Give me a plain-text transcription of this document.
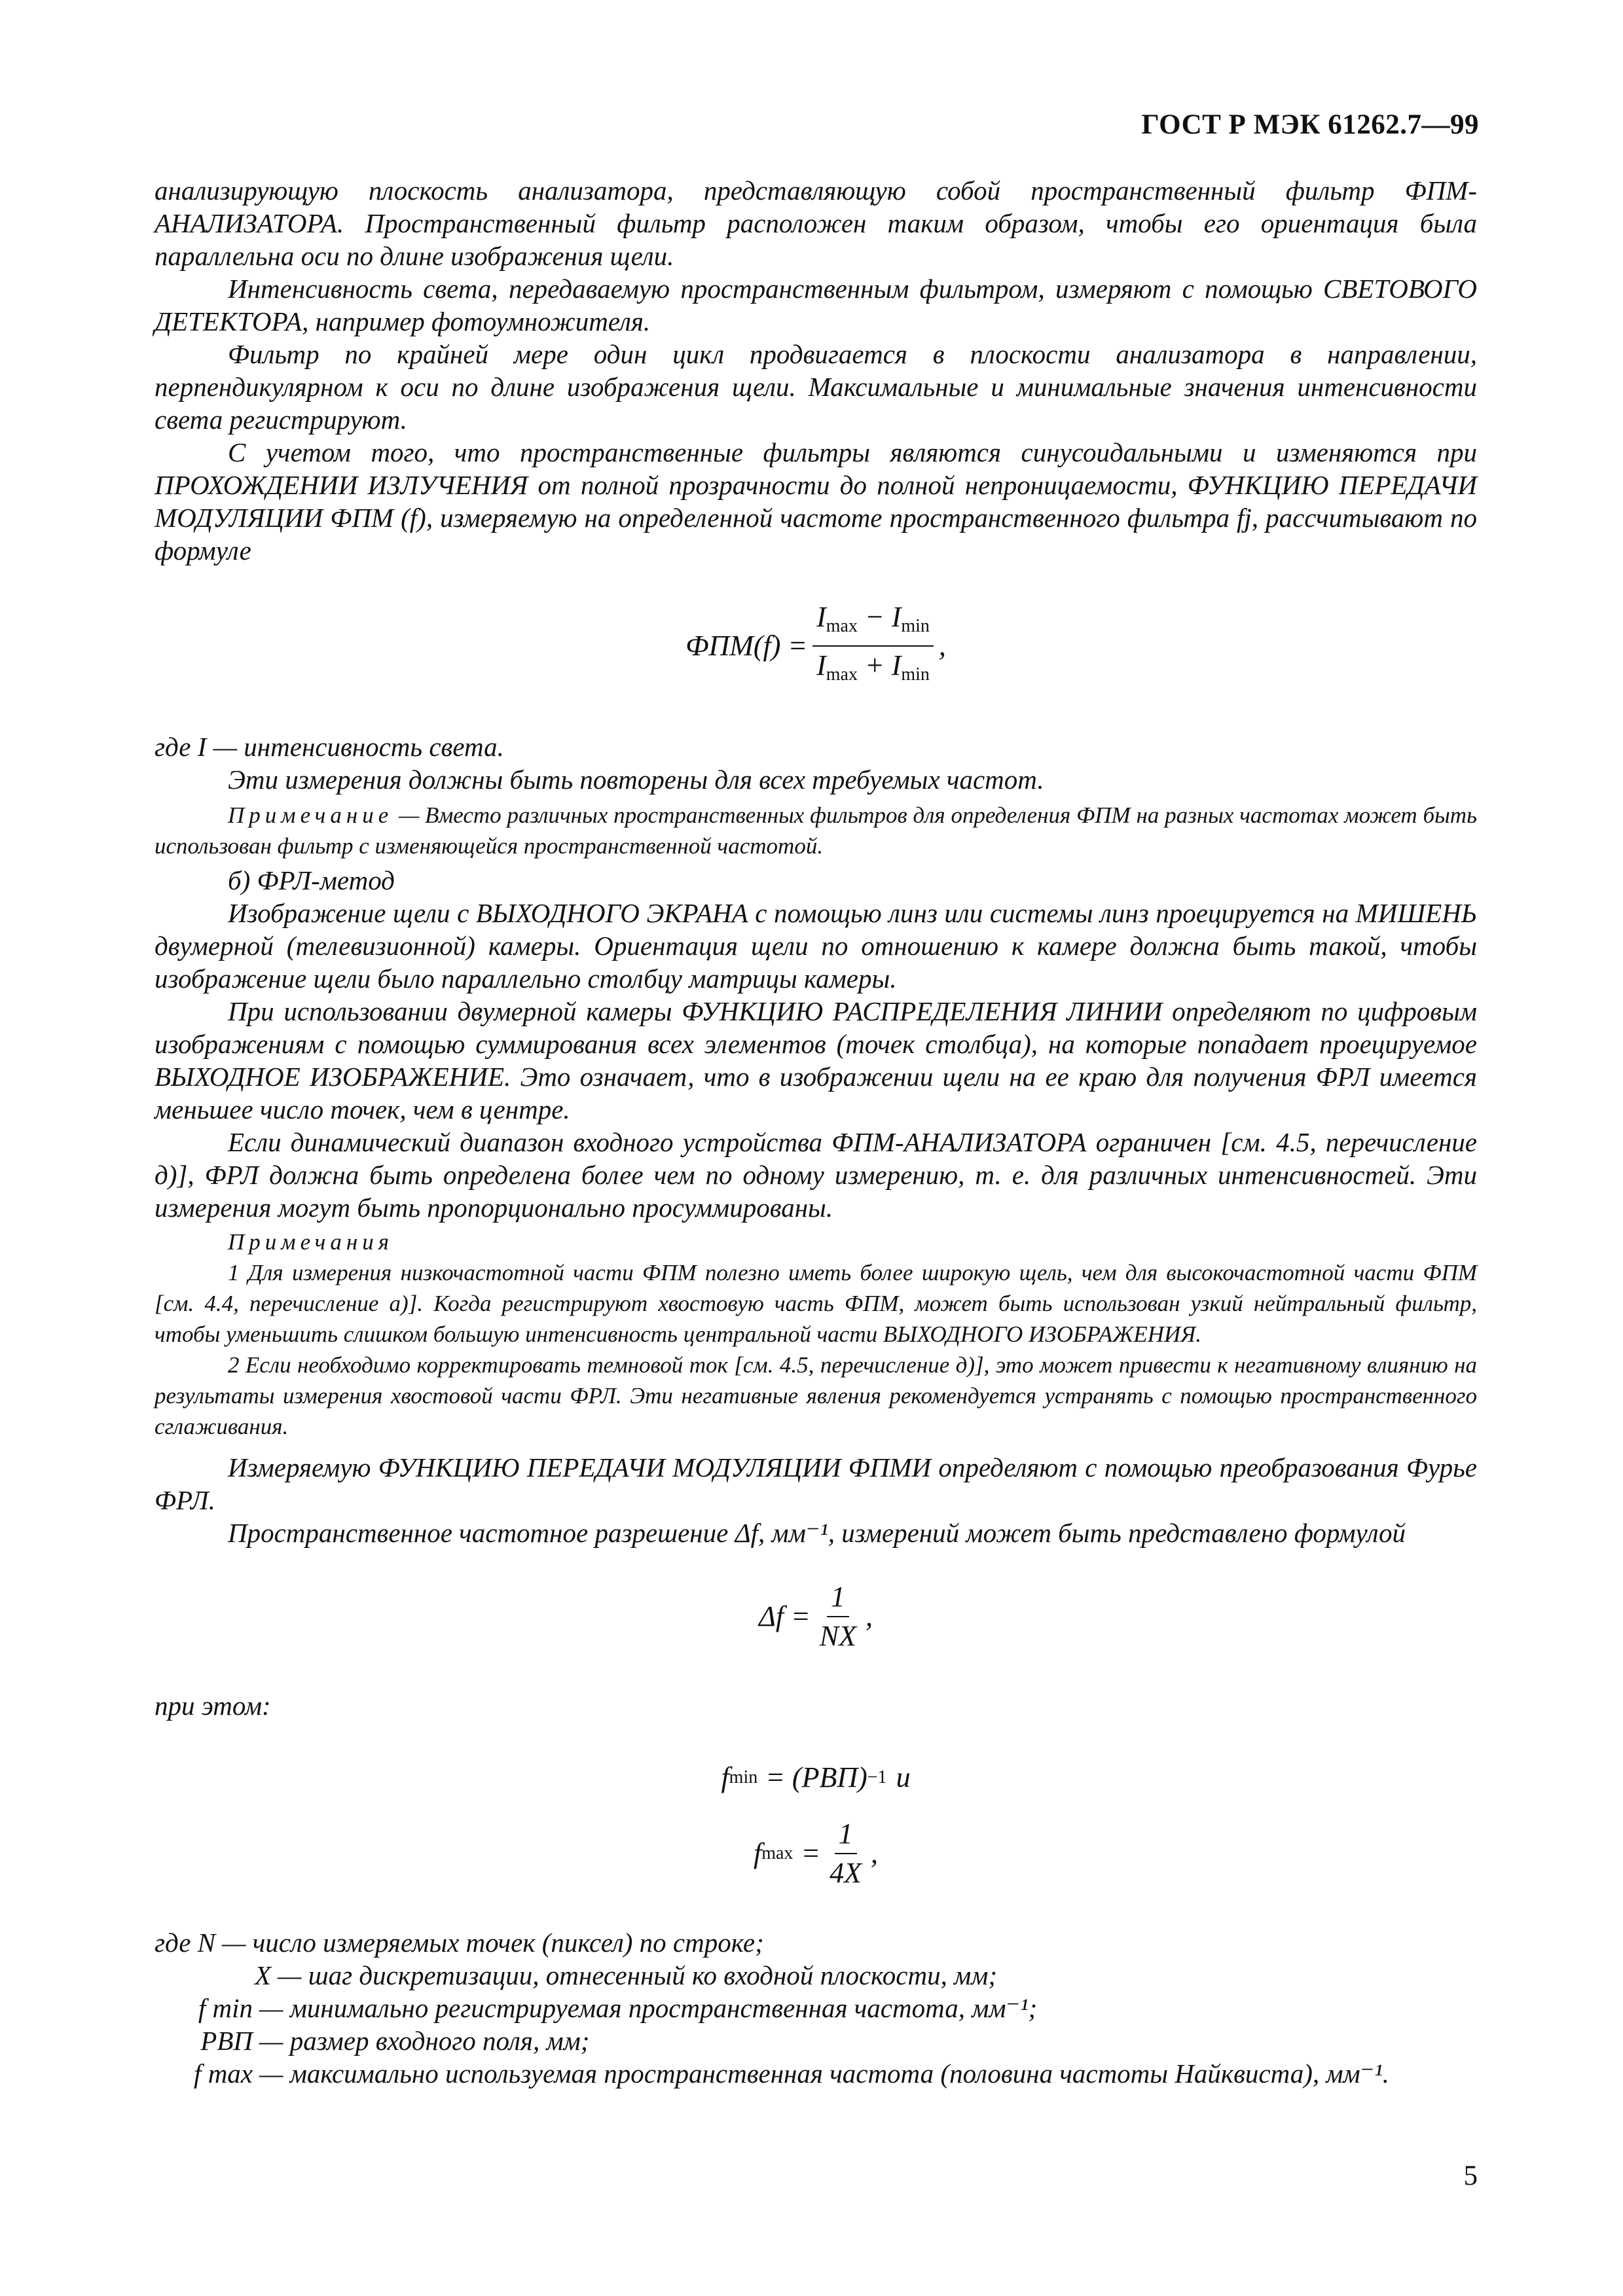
ГОСТ Р МЭК 61262.7—99

анализирующую плоскость анализатора, представляющую собой пространственный фильтр ФПМ-АНАЛИЗАТОРА. Пространственный фильтр расположен таким образом, чтобы его ориентация была параллельна оси по длине изображения щели.

Интенсивность света, передаваемую пространственным фильтром, измеряют с помощью СВЕТОВОГО ДЕТЕКТОРА, например фотоумножителя.

Фильтр по крайней мере один цикл продвигается в плоскости анализатора в направлении, перпендикулярном к оси по длине изображения щели. Максимальные и минимальные значения интенсивности света регистрируют.

С учетом того, что пространственные фильтры являются синусоидальными и изменяются при ПРОХОЖДЕНИИ ИЗЛУЧЕНИЯ от полной прозрачности до полной непроницаемости, ФУНКЦИЮ ПЕРЕДАЧИ МОДУЛЯЦИИ ФПМ (f), измеряемую на определенной частоте пространственного фильтра fj, рассчитывают по формуле

$ФПМ(f) = \frac{I_{max} - I_{min}}{I_{max} + I_{min}}$ ,

где I — интенсивность света.

Эти измерения должны быть повторены для всех требуемых частот.

Примечание — Вместо различных пространственных фильтров для определения ФПМ на разных частотах может быть использован фильтр с изменяющейся пространственной частотой.

б) ФРЛ-метод

Изображение щели с ВЫХОДНОГО ЭКРАНА с помощью линз или системы линз проецируется на МИШЕНЬ двумерной (телевизионной) камеры. Ориентация щели по отношению к камере должна быть такой, чтобы изображение щели было параллельно столбцу матрицы камеры.

При использовании двумерной камеры ФУНКЦИЮ РАСПРЕДЕЛЕНИЯ ЛИНИИ определяют по цифровым изображениям с помощью суммирования всех элементов (точек столбца), на которые попадает проецируемое ВЫХОДНОЕ ИЗОБРАЖЕНИЕ. Это означает, что в изображении щели на ее краю для получения ФРЛ имеется меньшее число точек, чем в центре.

Если динамический диапазон входного устройства ФПМ-АНАЛИЗАТОРА ограничен [см. 4.5, перечисление д)], ФРЛ должна быть определена более чем по одному измерению, т. е. для различных интенсивностей. Эти измерения могут быть пропорционально просуммированы.

Примечания

1 Для измерения низкочастотной части ФПМ полезно иметь более широкую щель, чем для высокочастотной части ФПМ [см. 4.4, перечисление а)]. Когда регистрируют хвостовую часть ФПМ, может быть использован узкий нейтральный фильтр, чтобы уменьшить слишком большую интенсивность центральной части ВЫХОДНОГО ИЗОБРАЖЕНИЯ.

2 Если необходимо корректировать темновой ток [см. 4.5, перечисление д)], это может привести к негативному влиянию на результаты измерения хвостовой части ФРЛ. Эти негативные явления рекомендуется устранять с помощью пространственного сглаживания.

Измеряемую ФУНКЦИЮ ПЕРЕДАЧИ МОДУЛЯЦИИ ФПМИ определяют с помощью преобразования Фурье ФРЛ.

Пространственное частотное разрешение Δf, мм⁻¹, измерений может быть представлено формулой

$\Delta f = \frac{1}{NX}$ ,

при этом:

f min = (РВП) −1 и
f $\max = \frac{1}{4X}$ ,
где N — число измеряемых точек (пиксел) по строке;
X — шаг дискретизации, отнесенный ко входной плоскости, мм;
f min — минимально регистрируемая пространственная частота, мм⁻¹;
РВП — размер входного поля, мм;
f max — максимально используемая пространственная частота (половина частоты Найквиста), мм⁻¹.
5
